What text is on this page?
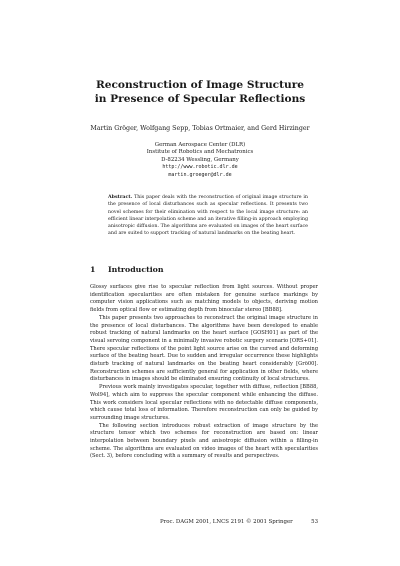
Reconstruction of Image Structure
in Presence of Specular Reflections
Martin Gröger, Wolfgang Sepp, Tobias Ortmaier, and Gerd Hirzinger
German Aerospace Center (DLR)
Institute of Robotics and Mechatronics
D-82234 Wessling, Germany
http://www.robotic.dlr.de
martin.groeger@dlr.de
Abstract. This paper deals with the reconstruction of original image structure in the presence of local disturbances such as specular reflections. It presents two novel schemes for their elimination with respect to the local image structure: an efficient linear interpolation scheme and an iterative filling-in approach employing anisotropic diffusion. The algorithms are evaluated on images of the heart surface and are suited to support tracking of natural landmarks on the beating heart.
1 Introduction

Glossy surfaces give rise to specular reflection from light sources. Without proper identification specularities are often mistaken for genuine surface markings by computer vision applications such as matching models to objects, deriving motion fields from optical flow or estimating depth from binocular stereo [BB88].

This paper presents two approaches to reconstruct the original image structure in the presence of local disturbances. The algorithms have been developed to enable robust tracking of natural landmarks on the heart surface [GOSH01] as part of the visual servoing component in a minimally invasive robotic surgery scenario [ORS+01]. There specular reflections of the point light source arise on the curved and deforming surface of the beating heart. Due to sudden and irregular occurrence these highlights disturb tracking of natural landmarks on the beating heart considerably [Grö00]. Reconstruction schemes are sufficiently general for application in other fields, where disturbances in images should be eliminated ensuring continuity of local structures.

Previous work mainly investigates specular, together with diffuse, reflection [BB88, Wol94], which aim to suppress the specular component while enhancing the diffuse. This work considers local specular reflections with no detectable diffuse components, which cause total loss of information. Therefore reconstruction can only be guided by surrounding image structures.

The following section introduces robust extraction of image structure by the structure tensor which two schemes for reconstruction are based on: linear interpolation between boundary pixels and anisotropic diffusion within a filling-in scheme. The algorithms are evaluated on video images of the heart with specularities (Sect. 3), before concluding with a summary of results and perspectives.

Proc. DAGM 2001, LNCS 2191 © 2001 Springer	53
